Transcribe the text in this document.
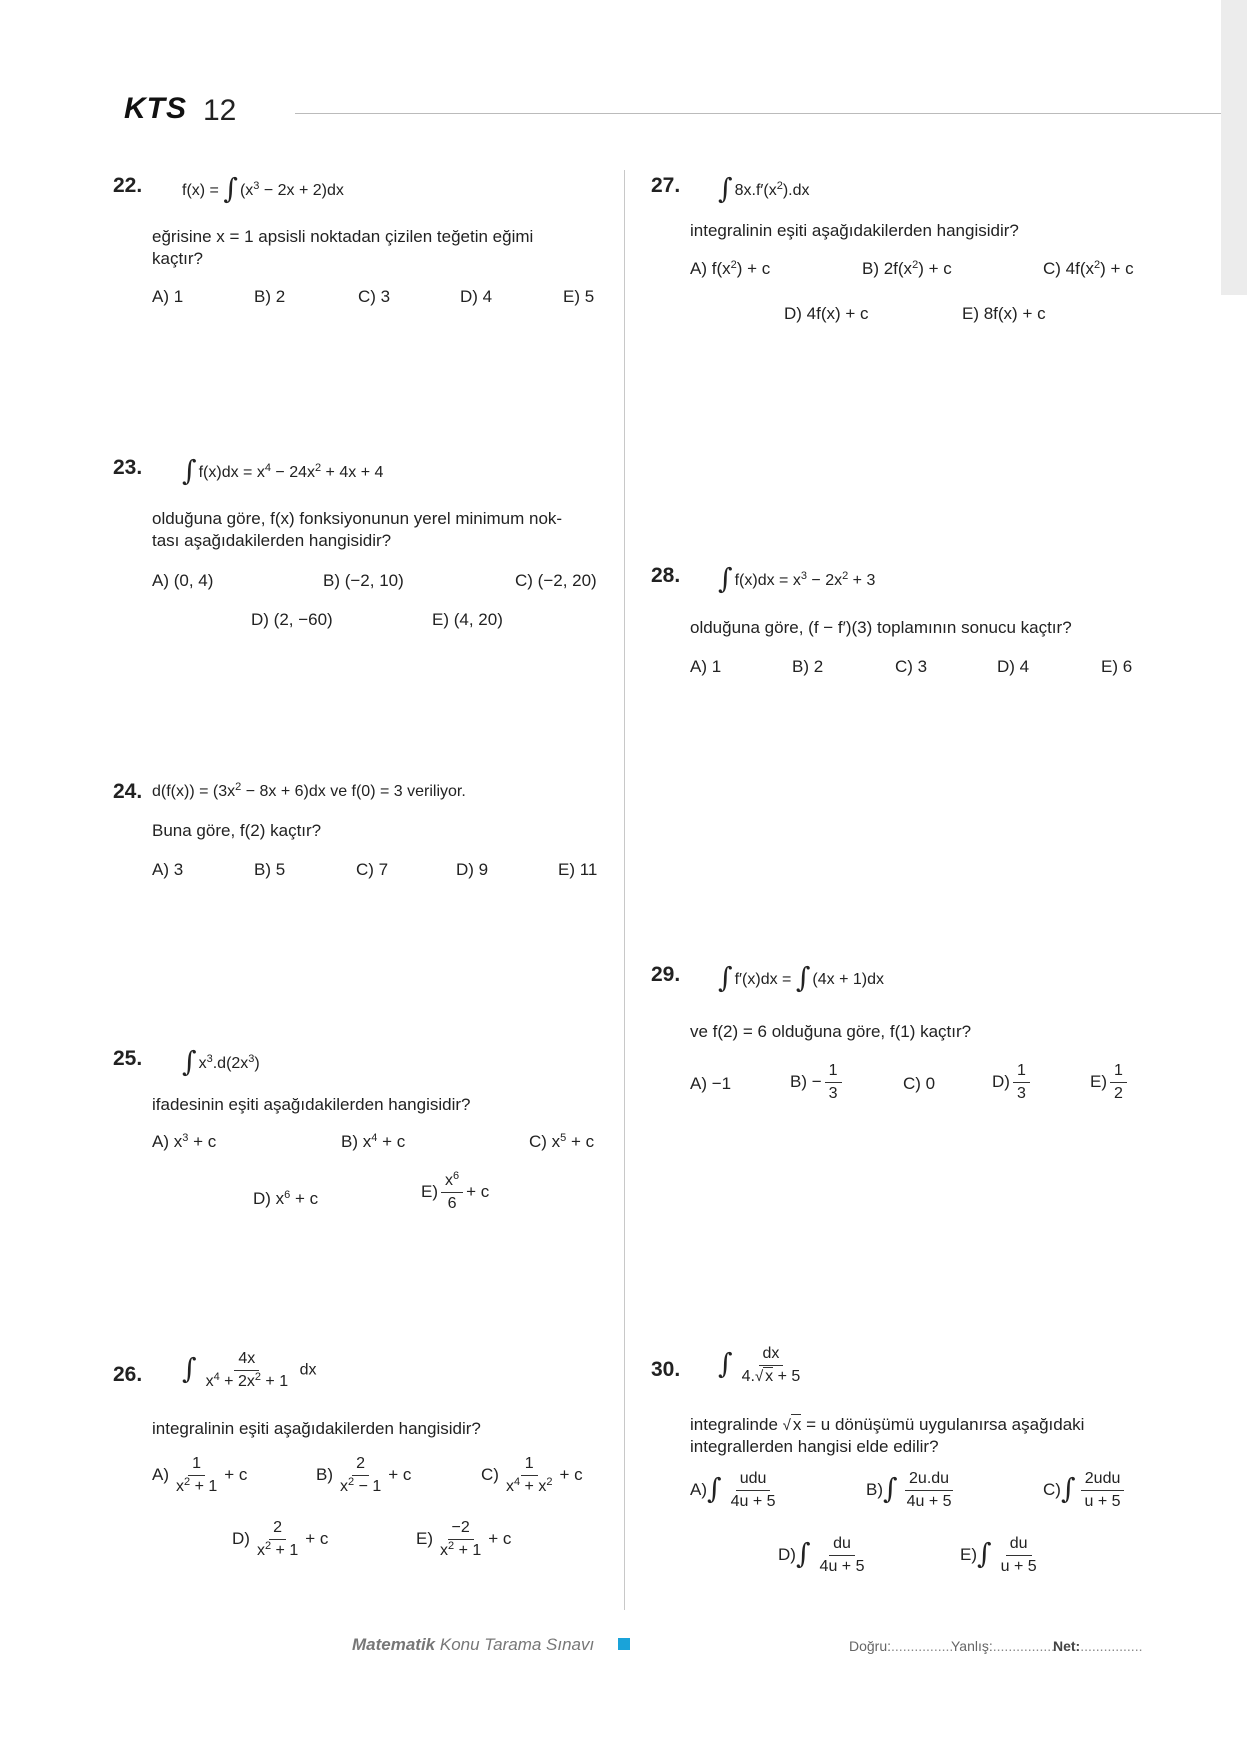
KTS 12
22. f(x) = ∫ $(x^3 - 2x + 2)dx$
eğrisine x = 1 apsisli noktadan çizilen teğetin eğimi kaçtır?
A) 1	B) 2	C) 3	D) 4	E) 5
23. ∫ $f(x)dx = x^4 - 24x^2 + 4x + 4$
olduğuna göre, f(x) fonksiyonunun yerel minimum nok-
tası aşağıdakilerden hangisidir?
A) (0, 4)	B) (−2, 10)	C) (−2, 20)
D) (2, −60)	E) (4, 20)
24. $d(f(x)) = (3x^2 - 8x + 6)dx$ ve f(0) = 3 veriliyor.
Buna göre, f(2) kaçtır?
A) 3	B) 5	C) 7	D) 9	E) 11
25. ∫ $x^3.d(2x^3)$
ifadesinin eşiti aşağıdakilerden hangisidir?
A) $x^3 + c$	B) $x^4 + c$	C) $x^5 + c$
D) $x^6 + c$	$E) \frac{x^6}{6} + c$
26. ∫ $\frac{4x}{x^4 + 2x^2 + 1}$ dx
integralinin eşiti aşağıdakilerden hangisidir?
$A) \frac{1}{x^2 + 1} + c$	$B) \frac{2}{x^2 - 1} + c$	$C) \frac{1}{x^4 + x^2} + c$
$D) \frac{2}{x^2 + 1} + c$	$E) \frac{-2}{x^2 + 1} + c$
27. ∫ $8x.f'(x^2).dx$
integralinin eşiti aşağıdakilerden hangisidir?
A) $f(x^2) + c$	B) $2f(x^2) + c$	C) $4f(x^2) + c$
D) 4f(x) + c	E) 8f(x) + c
28. ∫ $f(x)dx = x^3 - 2x^2 + 3$
olduğuna göre, (f − f′)(3) toplamının sonucu kaçtır?
A) 1	B) 2	C) 3	D) 4	E) 6
29. ∫ f′(x)dx = ∫ (4x + 1)dx
ve f(2) = 6 olduğuna göre, f(1) kaçtır?
A) −1	$B) - \frac{1}{3}$	C) 0	$D) \frac{1}{3}$	$E) \frac{1}{2}$
30. ∫ $\frac{dx}{4.√ x + 5}$
integralinde √ x = u dönüşümü uygulanırsa aşağıdaki
integrallerden hangisi elde edilir?
$A)\int \frac{\text{udu}}{4u + 5}$	$B)\int \frac{2u.du}{4u + 5}$	$C)\int \frac{\text{2udu}}{u + 5}$
$D)\int \frac{du}{4u + 5}$	$E)\int \frac{du}{u + 5}$
Matematik Konu Tarama Sınavı	Doğru:................
Yanlış:................
Net:................
